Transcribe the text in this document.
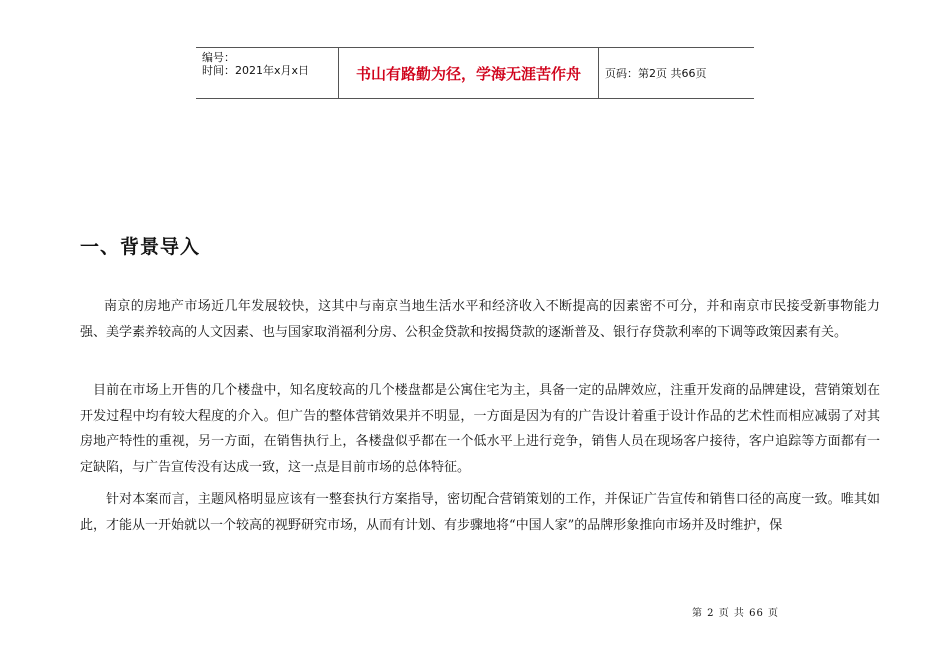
编号：
时间：2021年x月x日	书山有路勤为径，学海无涯苦作舟	页码：第2页 共66页
一、背景导入

南京的房地产市场近几年发展较快，这其中与南京当地生活水平和经济收入不断提高的因素密不可分，并和南京市民接受新事物能力强、美学素养较高的人文因素、也与国家取消福利分房、公积金贷款和按揭贷款的逐渐普及、银行存贷款利率的下调等政策因素有关。

目前在市场上开售的几个楼盘中，知名度较高的几个楼盘都是公寓住宅为主，具备一定的品牌效应，注重开发商的品牌建设，营销策划在开发过程中均有较大程度的介入。但广告的整体营销效果并不明显，一方面是因为有的广告设计着重于设计作品的艺术性而相应减弱了对其房地产特性的重视，另一方面，在销售执行上，各楼盘似乎都在一个低水平上进行竞争，销售人员在现场客户接待，客户追踪等方面都有一定缺陷，与广告宣传没有达成一致，这一点是目前市场的总体特征。

针对本案而言，主题风格明显应该有一整套执行方案指导，密切配合营销策划的工作，并保证广告宣传和销售口径的高度一致。唯其如此，才能从一开始就以一个较高的视野研究市场，从而有计划、有步骤地将“中国人家”的品牌形象推向市场并及时维护，保

第 2 页 共 66 页
